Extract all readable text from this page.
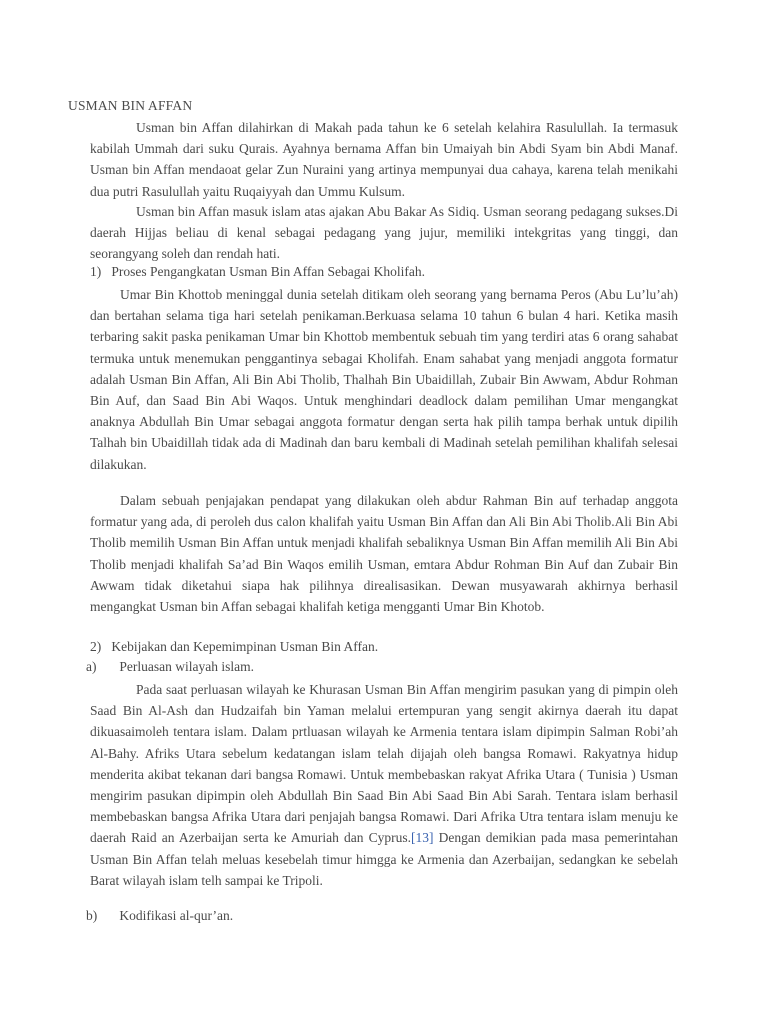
USMAN BIN AFFAN

Usman bin Affan dilahirkan di Makah pada tahun ke 6 setelah kelahira Rasulullah. Ia termasuk kabilah Ummah dari suku Qurais. Ayahnya bernama Affan bin Umaiyah bin Abdi Syam bin Abdi Manaf. Usman bin Affan mendaoat gelar Zun Nuraini yang artinya mempunyai dua cahaya, karena telah menikahi dua putri Rasulullah yaitu Ruqaiyyah dan Ummu Kulsum.

Usman bin Affan masuk islam atas ajakan Abu Bakar As Sidiq. Usman seorang pedagang sukses.Di daerah Hijjas beliau di kenal sebagai pedagang yang jujur, memiliki intekgritas yang tinggi, dan seorangyang soleh dan rendah hati.

1) Proses Pengangkatan Usman Bin Affan Sebagai Kholifah.

Umar Bin Khottob meninggal dunia setelah ditikam oleh seorang yang bernama Peros (Abu Lu’lu’ah) dan bertahan selama tiga hari setelah penikaman.Berkuasa selama 10 tahun 6 bulan 4 hari. Ketika masih terbaring sakit paska penikaman Umar bin Khottob membentuk sebuah tim yang terdiri atas 6 orang sahabat termuka untuk menemukan penggantinya sebagai Kholifah. Enam sahabat yang menjadi anggota formatur adalah Usman Bin Affan, Ali Bin Abi Tholib, Thalhah Bin Ubaidillah, Zubair Bin Awwam, Abdur Rohman Bin Auf, dan Saad Bin Abi Waqos. Untuk menghindari deadlock dalam pemilihan Umar mengangkat anaknya Abdullah Bin Umar sebagai anggota formatur dengan serta hak pilih tampa berhak untuk dipilih Talhah bin Ubaidillah tidak ada di Madinah dan baru kembali di Madinah setelah pemilihan khalifah selesai dilakukan.

Dalam sebuah penjajakan pendapat yang dilakukan oleh abdur Rahman Bin auf terhadap anggota formatur yang ada, di peroleh dus calon khalifah yaitu Usman Bin Affan dan Ali Bin Abi Tholib.Ali Bin Abi Tholib memilih Usman Bin Affan untuk menjadi khalifah sebaliknya Usman Bin Affan memilih Ali Bin Abi Tholib menjadi khalifah Sa’ad Bin Waqos emilih Usman, emtara Abdur Rohman Bin Auf dan Zubair Bin Awwam tidak diketahui siapa hak pilihnya direalisasikan. Dewan musyawarah akhirnya berhasil mengangkat Usman bin Affan sebagai khalifah ketiga mengganti Umar Bin Khotob.

2) Kebijakan dan Kepemimpinan Usman Bin Affan.
a) Perluasan wilayah islam.

Pada saat perluasan wilayah ke Khurasan Usman Bin Affan mengirim pasukan yang di pimpin oleh Saad Bin Al-Ash dan Hudzaifah bin Yaman melalui ertempuran yang sengit akirnya daerah itu dapat dikuasaimoleh tentara islam. Dalam prtluasan wilayah ke Armenia tentara islam dipimpin Salman Robi’ah Al-Bahy. Afriks Utara sebelum kedatangan islam telah dijajah oleh bangsa Romawi. Rakyatnya hidup menderita akibat tekanan dari bangsa Romawi. Untuk membebaskan rakyat Afrika Utara ( Tunisia ) Usman mengirim pasukan dipimpin oleh Abdullah Bin Saad Bin Abi Saad Bin Abi Sarah. Tentara islam berhasil membebaskan bangsa Afrika Utara dari penjajah bangsa Romawi. Dari Afrika Utra tentara islam menuju ke daerah Raid an Azerbaijan serta ke Amuriah dan Cyprus.[13] Dengan demikian pada masa pemerintahan Usman Bin Affan telah meluas kesebelah timur himgga ke Armenia dan Azerbaijan, sedangkan ke sebelah Barat wilayah islam telh sampai ke Tripoli.

b) Kodifikasi al-qur’an.
